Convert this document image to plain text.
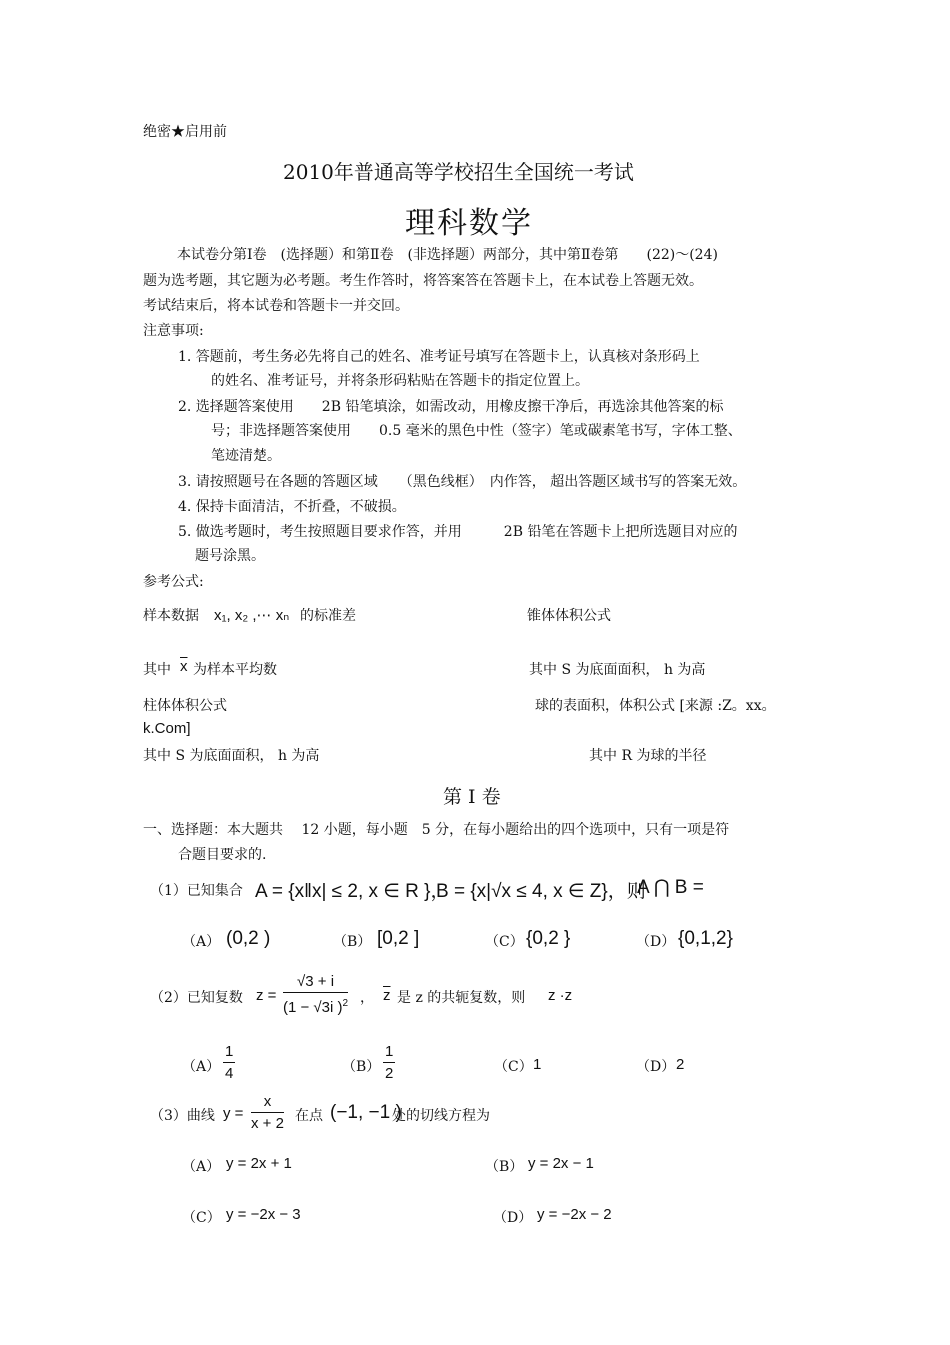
绝密★启用前
2010年普通高等学校招生全国统一考试
理科数学
本试卷分第Ⅰ卷　(选择题）和第Ⅱ卷　(非选择题）两部分，其中第Ⅱ卷第　　(22)～(24)
题为选考题，其它题为必考题。考生作答时，将答案答在答题卡上，在本试卷上答题无效。
考试结束后，将本试卷和答题卡一并交回。
注意事项:
1. 答题前，考生务必先将自己的姓名、准考证号填写在答题卡上，认真核对条形码上
的姓名、准考证号，并将条形码粘贴在答题卡的指定位置上。
2. 选择题答案使用　　2B 铅笔填涂，如需改动，用橡皮擦干净后，再选涂其他答案的标
号；非选择题答案使用　　0.5 毫米的黑色中性（签字）笔或碳素笔书写，字体工整、
笔迹清楚。
3. 请按照题号在各题的答题区域　　（黑色线框）　内作答， 超出答题区域书写的答案无效。
4. 保持卡面清洁，不折叠，不破损。
5. 做选考题时，考生按照题目要求作答，并用　　　2B 铅笔在答题卡上把所选题目对应的
题号涂黑。
参考公式:
样本数据 x₁, x₂ ,⋯ xₙ 的标准差	锥体体积公式
其中 $\overline{x}$ 为样本平均数	其中 S 为底面面积， h 为高
柱体体积公式	球的表面积，体积公式 [来源 :Z。xx。
k.Com]
其中 S 为底面面积， h 为高	其中 R 为球的半径
第 Ⅰ 卷
一、选择题：本大题共　 12 小题，每小题　5 分，在每小题给出的四个选项中，只有一项是符
合题目要求的.
（1）已知集合 A = {x‖x| ≤ 2, x ∈ R }，
B = {x|√x ≤ 4, x ∈ Z}，则
A ⋂ B =
（A） (0,2 )	（B） [0,2 ]	（C） {0,2 }	（D） {0,1,2}
（2）已知复数 $z = \frac{√3 + i}{(1 - √3i )^2}$ ， $\overline{z}$ 是 z 的共轭复数，则 z ·z
$(A) \frac{1}{4}$	$(B) \frac{1}{2}$	（C） 1	（D） 2
（3）曲线 $y = \frac{x}{x + 2}$ 在点 (−1, −1 )
处的切线方程为
（A） y = 2x + 1	（B） y = 2x − 1
（C） y = −2x − 3	（D） y = −2x − 2
